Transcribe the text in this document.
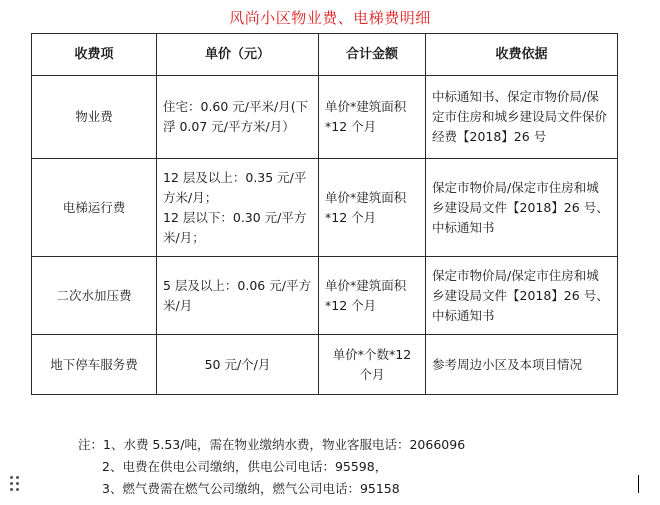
风尚小区物业费、电梯费明细
收费项	单价（元）	合计金额	收费依据
物业费	住宅：0.60 元/平米/月(下浮 0.07 元/平方米/月）	单价*建筑面积*12 个月	中标通知书、保定市物价局/保定市住房和城乡建设局文件保价经费【2018】26 号
电梯运行费	12 层及以上：0.35 元/平方米/月；
12 层以下：0.30 元/平方米/月；	单价*建筑面积*12 个月	保定市物价局/保定市住房和城乡建设局文件【2018】26 号、中标通知书
二次水加压费	5 层及以上：0.06 元/平方米/月	单价*建筑面积*12 个月	保定市物价局/保定市住房和城乡建设局文件【2018】26 号、中标通知书
地下停车服务费	50 元/个/月	单价*个数*12 个月	参考周边小区及本项目情况
注：1、水费 5.53/吨，需在物业缴纳水费，物业客服电话：2066096
2、电费在供电公司缴纳，供电公司电话：95598，
3、燃气费需在燃气公司缴纳，燃气公司电话：95158
